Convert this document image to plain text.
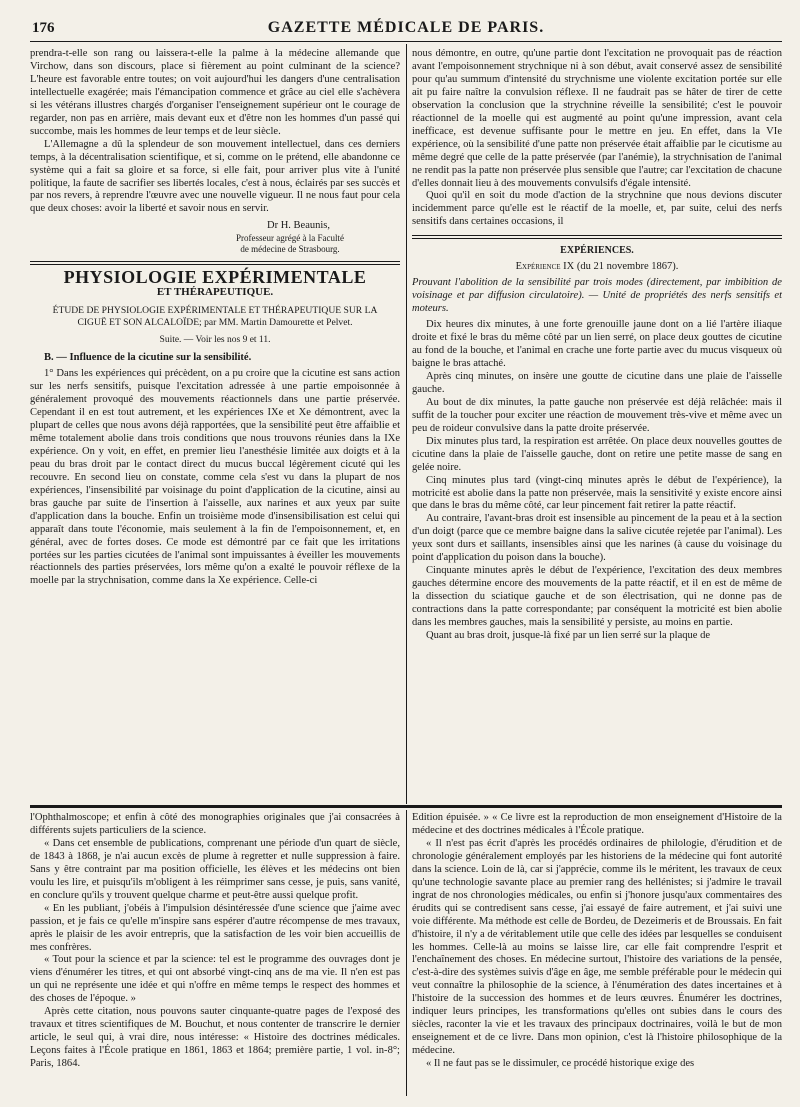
176	GAZETTE MÉDICALE DE PARIS.

prendra-t-elle son rang ou laissera-t-elle la palme à la médecine allemande que Virchow, dans son discours, place si fièrement au point culminant de la science? L'heure est favorable entre toutes; on voit aujourd'hui les dangers d'une centralisation intellectuelle exagérée; mais l'émancipation commence et grâce au ciel elle s'achèvera si les vétérans illustres chargés d'organiser l'enseignement supérieur ont le courage de regarder, non pas en arrière, mais devant eux et d'être non les hommes d'un passé qui succombe, mais les hommes de leur temps et de leur siècle.

L'Allemagne a dû la splendeur de son mouvement intellectuel, dans ces derniers temps, à la décentralisation scientifique, et si, comme on le prétend, elle abandonne ce système qui a fait sa gloire et sa force, si elle fait, pour arriver plus vite à l'unité politique, la faute de sacrifier ses libertés locales, c'est à nous, éclairés par ses succès et par nos revers, à reprendre l'œuvre avec une nouvelle vigueur. Il ne nous faut pour cela que deux choses: avoir la liberté et savoir nous en servir.

Dr H. Beaunis,
Professeur agrégé à la Faculté
de médecine de Strasbourg.
PHYSIOLOGIE EXPÉRIMENTALE
ET THÉRAPEUTIQUE.
ÉTUDE DE PHYSIOLOGIE EXPÉRIMENTALE ET THÉRAPEUTIQUE SUR LA CIGUË ET SON ALCALOÏDE; par MM. Martin Damourette et Pelvet.
Suite. — Voir les nos 9 et 11.
B. — Influence de la cicutine sur la sensibilité.

1° Dans les expériences qui précèdent, on a pu croire que la cicutine est sans action sur les nerfs sensitifs, puisque l'excitation adressée à une partie empoisonnée à généralement provoqué des mouvements réactionnels dans une partie préservée. Cependant il en est tout autrement, et les expériences IXe et Xe démontrent, avec la plupart de celles que nous avons déjà rapportées, que la sensibilité peut être affaiblie et même totalement abolie dans trois conditions que nous trouvons réunies dans la IXe expérience. On y voit, en effet, en premier lieu l'anesthésie limitée aux doigts et à la peau du bras droit par le contact direct du mucus buccal légèrement cicuté qui les recouvre. En second lieu on constate, comme cela s'est vu dans la plupart de nos expériences, l'insensibilité par voisinage du point d'application de la cicutine, ainsi au bras gauche par suite de l'insertion à l'aisselle, aux narines et aux yeux par suite d'application dans la bouche. Enfin un troisième mode d'insensibilisation est celui qui apparaît dans toute l'économie, mais seulement à la fin de l'empoisonnement, et, en général, avec de fortes doses. Ce mode est démontré par ce fait que les irritations portées sur les parties cicutées de l'animal sont impuissantes à éveiller les mouvements réactionnels des parties préservées, lors même qu'on a exalté le pouvoir réflexe de la moelle par la strychnisation, comme dans la Xe expérience. Celle-ci

nous démontre, en outre, qu'une partie dont l'excitation ne provoquait pas de réaction avant l'empoisonnement strychnique ni à son début, avait conservé assez de sensibilité pour qu'au summum d'intensité du strychnisme une violente excitation portée sur elle ait pu faire naître la convulsion réflexe. Il ne faudrait pas se hâter de tirer de cette observation la conclusion que la strychnine réveille la sensibilité; c'est le pouvoir réactionnel de la moelle qui est augmenté au point qu'une impression, avant cela inefficace, est devenue suffisante pour le mettre en jeu. En effet, dans la VIe expérience, où la sensibilité d'une patte non préservée était affaiblie par le cicutisme au même degré que celle de la patte préservée (par l'anémie), la strychnisation de l'animal ne rendit pas la patte non préservée plus sensible que l'autre; car l'excitation de chacune d'elles donnait lieu à des mouvements convulsifs d'égale intensité.

Quoi qu'il en soit du mode d'action de la strychnine que nous devions discuter incidemment parce qu'elle est le réactif de la moelle, et, par suite, celui des nerfs sensitifs dans certaines occasions, il

EXPÉRIENCES.
Expérience IX (du 21 novembre 1867).
Prouvant l'abolition de la sensibilité par trois modes (directement, par imbibition de voisinage et par diffusion circulatoire). — Unité de propriétés des nerfs sensitifs et moteurs.

Dix heures dix minutes, à une forte grenouille jaune dont on a lié l'artère iliaque droite et fixé le bras du même côté par un lien serré, on place deux gouttes de cicutine au fond de la bouche, et l'animal en crache une forte partie avec du mucus visqueux où baigne le bras attaché.

Après cinq minutes, on insère une goutte de cicutine dans une plaie de l'aisselle gauche.

Au bout de dix minutes, la patte gauche non préservée est déjà relâchée: mais il suffit de la toucher pour exciter une réaction de mouvement très-vive et même avec un peu de roideur convulsive dans la patte droite préservée.

Dix minutes plus tard, la respiration est arrêtée. On place deux nouvelles gouttes de cicutine dans la plaie de l'aisselle gauche, dont on retire une petite masse de sang en gelée noire.

Cinq minutes plus tard (vingt-cinq minutes après le début de l'expérience), la motricité est abolie dans la patte non préservée, mais la sensitivité y existe encore ainsi que dans le bras du même côté, car leur pincement fait retirer la patte réactif.

Au contraire, l'avant-bras droit est insensible au pincement de la peau et à la section d'un doigt (parce que ce membre baigne dans la salive cicutée rejetée par l'animal). Les yeux sont durs et saillants, insensibles ainsi que les narines (à cause du voisinage du point d'application du poison dans la bouche).

Cinquante minutes après le début de l'expérience, l'excitation des deux membres gauches détermine encore des mouvements de la patte réactif, et il en est de même de la dissection du sciatique gauche et de son électrisation, qui ne donne pas de contractions dans la patte correspondante; par conséquent la motricité est bien abolie dans les membres gauches, mais la sensibilité y persiste, au moins en partie.

Quant au bras droit, jusque-là fixé par un lien serré sur la plaque de

l'Ophthalmoscope; et enfin à côté des monographies originales que j'ai consacrées à différents sujets particuliers de la science.

« Dans cet ensemble de publications, comprenant une période d'un quart de siècle, de 1843 à 1868, je n'ai aucun excès de plume à regretter et nulle suppression à faire. Sans y être contraint par ma position officielle, les élèves et les médecins ont bien voulu les lire, et puisqu'ils m'obligent à les réimprimer sans cesse, je puis, sans vanité, en conclure qu'ils y trouvent quelque charme et peut-être aussi quelque profit.

« En les publiant, j'obéis à l'impulsion désintéressée d'une science que j'aime avec passion, et je fais ce qu'elle m'inspire sans espérer d'autre récompense de mes travaux, après le plaisir de les avoir entrepris, que la satisfaction de les voir bien accueillis de mes confrères.

« Tout pour la science et par la science: tel est le programme des ouvrages dont je viens d'énumérer les titres, et qui ont absorbé vingt-cinq ans de ma vie. Il n'en est pas un qui ne représente une idée et qui n'offre en même temps le respect des hommes et des choses de l'époque. »

Après cette citation, nous pouvons sauter cinquante-quatre pages de l'exposé des travaux et titres scientifiques de M. Bouchut, et nous contenter de transcrire le dernier article, le seul qui, à vrai dire, nous intéresse: « Histoire des doctrines médicales. Leçons faites à l'École pratique en 1861, 1863 et 1864; première partie, 1 vol. in-8°; Paris, 1864.

Edition épuisée. » « Ce livre est la reproduction de mon enseignement d'Histoire de la médecine et des doctrines médicales à l'École pratique.

« Il n'est pas écrit d'après les procédés ordinaires de philologie, d'érudition et de chronologie généralement employés par les historiens de la médecine qui font autorité dans la science. Loin de là, car si j'apprécie, comme ils le méritent, les travaux de ceux qu'une technologie savante place au premier rang des hellénistes; si j'admire le travail ingrat de nos chronologies médicales, ou enfin si j'honore jusqu'aux commentaires des érudits qui se contredisent sans cesse, j'ai essayé de faire autrement, et j'ai suivi une voie différente. Ma méthode est celle de Bordeu, de Dezeimeris et de Broussais. En fait d'histoire, il n'y a de véritablement utile que celle des idées par lesquelles se conduisent les hommes. Celle-là au moins se laisse lire, car elle fait comprendre l'esprit et l'enchaînement des choses. En médecine surtout, l'histoire des variations de la pensée, c'est-à-dire des systèmes suivis d'âge en âge, me semble préférable pour le médecin qui veut connaître la philosophie de la science, à l'énumération des dates incertaines et à l'histoire de la succession des hommes et de leurs œuvres. Énumérer les doctrines, indiquer leurs principes, les transformations qu'elles ont subies dans le cours des siècles, raconter la vie et les travaux des principaux doctrinaires, voilà le but de mon enseignement et de ce livre. Dans mon opinion, c'est là l'histoire philosophique de la médecine.

« Il ne faut pas se le dissimuler, ce procédé historique exige des
